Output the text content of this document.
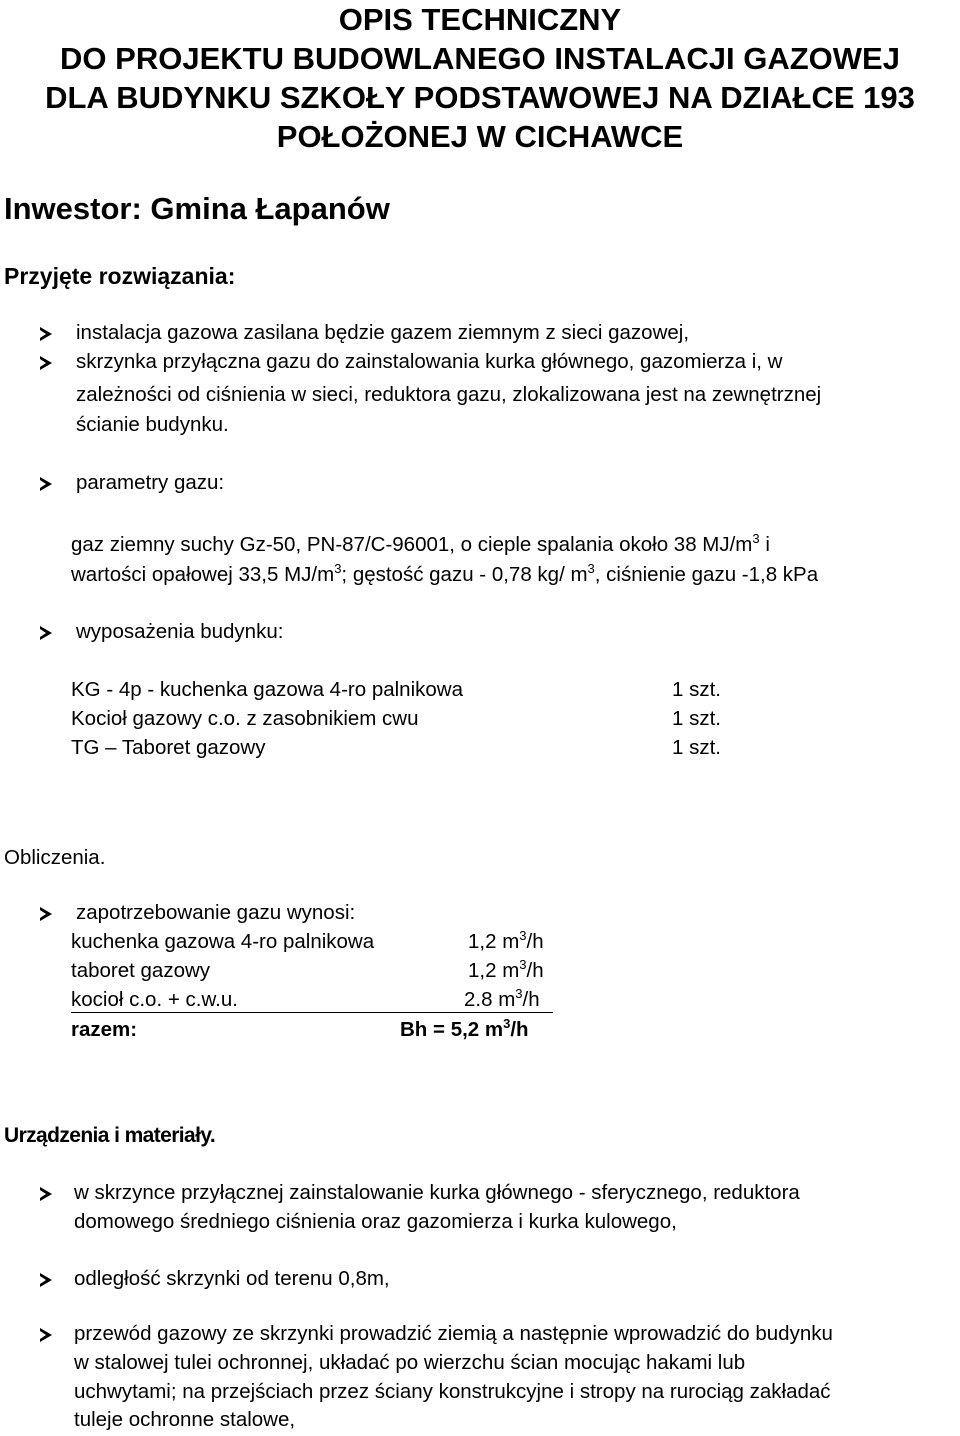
OPIS TECHNICZNY
DO PROJEKTU BUDOWLANEGO INSTALACJI GAZOWEJ
DLA BUDYNKU SZKOŁY PODSTAWOWEJ NA DZIAŁCE 193
POŁOŻONEJ W CICHAWCE
Inwestor: Gmina Łapanów
Przyjęte rozwiązania:
instalacja gazowa zasilana będzie gazem ziemnym z sieci gazowej,
skrzynka przyłączna gazu do zainstalowania kurka głównego, gazomierza i, w
zależności od ciśnienia w sieci, reduktora gazu, zlokalizowana jest na zewnętrznej
ścianie budynku.
parametry gazu:
gaz ziemny suchy Gz-50, PN-87/C-96001, o cieple spalania około 38 $MJ/m^3$ i
wartości opałowej 33,5 $MJ/m^3$; gęstość gazu - 0,78 kg/ $m^3$, ciśnienie gazu -1,8 kPa
wyposażenia budynku:
KG - 4p - kuchenka gazowa 4-ro palnikowa	1 szt.
Kocioł gazowy c.o. z zasobnikiem cwu	1 szt.
TG – Taboret gazowy	1 szt.
Obliczenia.
zapotrzebowanie gazu wynosi:
kuchenka gazowa 4-ro palnikowa	1,2 $m^3/h$
taboret gazowy	1,2 $m^3/h$
kocioł c.o. + c.w.u.	2.8 $m^3/h$
razem:	Bh = 5,2 $m^3/h$
Urządzenia i materiały.
w skrzynce przyłącznej zainstalowanie kurka głównego - sferycznego, reduktora
domowego średniego ciśnienia oraz gazomierza i kurka kulowego,
odległość skrzynki od terenu 0,8m,
przewód gazowy ze skrzynki prowadzić ziemią a następnie wprowadzić do budynku
w stalowej tulei ochronnej, układać po wierzchu ścian mocując hakami lub
uchwytami; na przejściach przez ściany konstrukcyjne i stropy na rurociąg zakładać
tuleje ochronne stalowe,
